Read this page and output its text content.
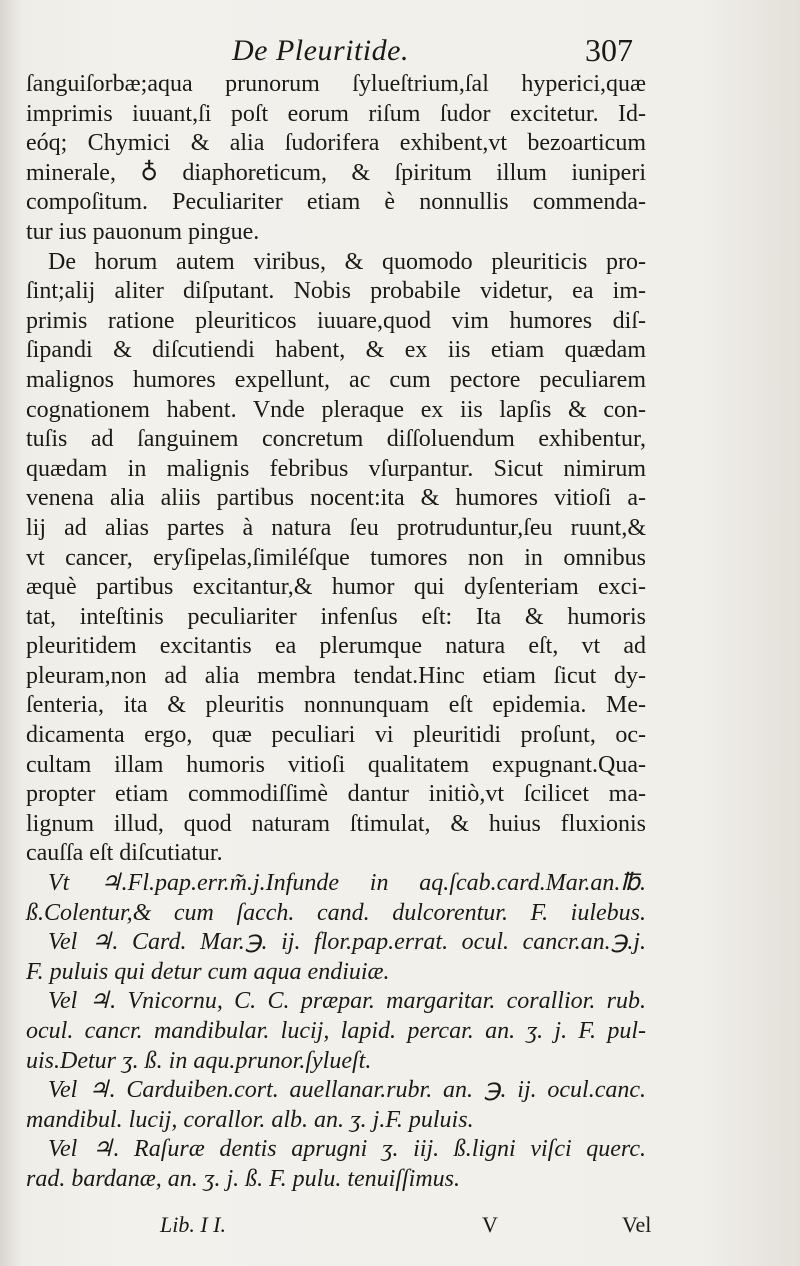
De Pleuritide.	307
ſanguiſorbæ;aqua prunorum ſylueſtrium,ſal hyperici,quæ
imprimis iuuant,ſi poſt eorum riſum ſudor excitetur. Id-
eóq; Chymici & alia ſudorifera exhibent,vt bezoarticum
minerale, ♁ diaphoreticum, & ſpiritum illum iuniperi
compoſitum. Peculiariter etiam è nonnullis commenda-
tur ius pauonum pingue.
De horum autem viribus, & quomodo pleuriticis pro-
ſint;alij aliter diſputant. Nobis probabile videtur, ea im-
primis ratione pleuriticos iuuare,quod vim humores diſ-
ſipandi & diſcutiendi habent, & ex iis etiam quædam
malignos humores expellunt, ac cum pectore peculiarem
cognationem habent. Vnde pleraque ex iis lapſis & con-
tuſis ad ſanguinem concretum diſſoluendum exhibentur,
quædam in malignis febribus vſurpantur. Sicut nimirum
venena alia aliis partibus nocent:ita & humores vitioſi a-
lij ad alias partes à natura ſeu protruduntur,ſeu ruunt,&
vt cancer, eryſipelas,ſimiléſque tumores non in omnibus
æquè partibus excitantur,& humor qui dyſenteriam exci-
tat, inteſtinis peculiariter infenſus eſt: Ita & humoris
pleuritidem excitantis ea plerumque natura eſt, vt ad
pleuram,non ad alia membra tendat.Hinc etiam ſicut dy-
ſenteria, ita & pleuritis nonnunquam eſt epidemia. Me-
dicamenta ergo, quæ peculiari vi pleuritidi proſunt, oc-
cultam illam humoris vitioſi qualitatem expugnant.Qua-
propter etiam commodiſſimè dantur initiò,vt ſcilicet ma-
lignum illud, quod naturam ſtimulat, & huius fluxionis
cauſſa eſt diſcutiatur.
Vt ♃.Fl.pap.err.m̃.j.Infunde in aq.ſcab.card.Mar.an.℔.
ß.Colentur,& cum ſacch. cand. dulcorentur. F. iulebus.
Vel ♃. Card. Mar.℈. ij. flor.pap.errat. ocul. cancr.an.℈.j.
F. puluis qui detur cum aqua endiuiæ.
Vel ♃. Vnicornu, C. C. præpar. margaritar. corallior. rub.
ocul. cancr. mandibular. lucij, lapid. percar. an. ʒ. j. F. pul-
uis.Detur ʒ. ß. in aqu.prunor.ſylueſt.
Vel ♃. Carduiben.cort. auellanar.rubr. an. ℈. ij. ocul.canc.
mandibul. lucij, corallor. alb. an. ʒ. j.F. puluis.
Vel ♃. Raſuræ dentis aprugni ʒ. iij. ß.ligni viſci querc.
rad. bardanæ, an. ʒ. j. ß. F. pulu. tenuiſſimus.
Lib. I I.	V	Vel
